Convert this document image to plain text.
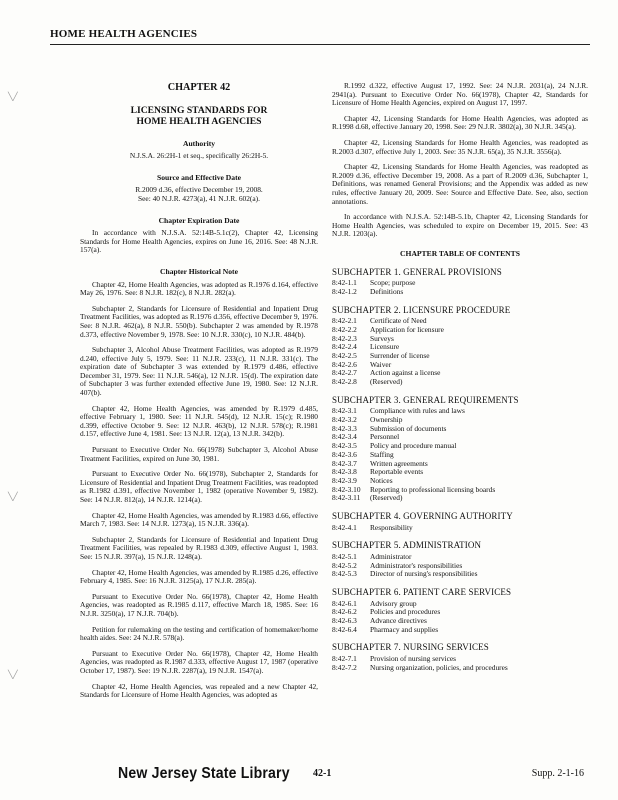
HOME HEALTH AGENCIES
╲╱
╲╱
╲╱
CHAPTER 42
LICENSING STANDARDS FOR
HOME HEALTH AGENCIES
Authority
N.J.S.A. 26:2H-1 et seq., specifically 26:2H-5.
Source and Effective Date
R.2009 d.36, effective December 19, 2008.
See: 40 N.J.R. 4273(a), 41 N.J.R. 602(a).
Chapter Expiration Date

In accordance with N.J.S.A. 52:14B-5.1c(2), Chapter 42, Licensing Standards for Home Health Agencies, expires on June 16, 2016. See: 48 N.J.R. 157(a).

Chapter Historical Note

Chapter 42, Home Health Agencies, was adopted as R.1976 d.164, effective May 26, 1976. See: 8 N.J.R. 182(c), 8 N.J.R. 282(a).

Subchapter 2, Standards for Licensure of Residential and Inpatient Drug Treatment Facilities, was adopted as R.1976 d.356, effective December 9, 1976. See: 8 N.J.R. 462(a), 8 N.J.R. 550(b). Subchapter 2 was amended by R.1978 d.373, effective November 9, 1978. See: 10 N.J.R. 330(c), 10 N.J.R. 484(b).

Subchapter 3, Alcohol Abuse Treatment Facilities, was adopted as R.1979 d.240, effective July 5, 1979. See: 11 N.J.R. 233(c), 11 N.J.R. 331(c). The expiration date of Subchapter 3 was extended by R.1979 d.486, effective December 31, 1979. See: 11 N.J.R. 546(a), 12 N.J.R. 15(d). The expiration date of Subchapter 3 was further extended effective June 19, 1980. See: 12 N.J.R. 407(b).

Chapter 42, Home Health Agencies, was amended by R.1979 d.485, effective February 1, 1980. See: 11 N.J.R. 545(d), 12 N.J.R. 15(c); R.1980 d.399, effective October 9. See: 12 N.J.R. 463(b), 12 N.J.R. 578(c); R.1981 d.157, effective June 4, 1981. See: 13 N.J.R. 12(a), 13 N.J.R. 342(b).

Pursuant to Executive Order No. 66(1978) Subchapter 3, Alcohol Abuse Treatment Facilities, expired on June 30, 1981.

Pursuant to Executive Order No. 66(1978), Subchapter 2, Standards for Licensure of Residential and Inpatient Drug Treatment Facilities, was readopted as R.1982 d.391, effective November 1, 1982 (operative November 9, 1982). See: 14 N.J.R. 812(a), 14 N.J.R. 1214(a).

Chapter 42, Home Health Agencies, was amended by R.1983 d.66, effective March 7, 1983. See: 14 N.J.R. 1273(a), 15 N.J.R. 336(a).

Subchapter 2, Standards for Licensure of Residential and Inpatient Drug Treatment Facilities, was repealed by R.1983 d.309, effective August 1, 1983. See: 15 N.J.R. 397(a), 15 N.J.R. 1248(a).

Chapter 42, Home Health Agencies, was amended by R.1985 d.26, effective February 4, 1985. See: 16 N.J.R. 3125(a), 17 N.J.R. 285(a).

Pursuant to Executive Order No. 66(1978), Chapter 42, Home Health Agencies, was readopted as R.1985 d.117, effective March 18, 1985. See: 16 N.J.R. 3250(a), 17 N.J.R. 704(b).

Petition for rulemaking on the testing and certification of homemaker/home health aides. See: 24 N.J.R. 578(a).

Pursuant to Executive Order No. 66(1978), Chapter 42, Home Health Agencies, was readopted as R.1987 d.333, effective August 17, 1987 (operative October 17, 1987). See: 19 N.J.R. 2287(a), 19 N.J.R. 1547(a).

Chapter 42, Home Health Agencies, was repealed and a new Chapter 42, Standards for Licensure of Home Health Agencies, was adopted as

R.1992 d.322, effective August 17, 1992. See: 24 N.J.R. 2031(a), 24 N.J.R. 2941(a). Pursuant to Executive Order No. 66(1978), Chapter 42, Standards for Licensure of Home Health Agencies, expired on August 17, 1997.

Chapter 42, Licensing Standards for Home Health Agencies, was adopted as R.1998 d.68, effective January 20, 1998. See: 29 N.J.R. 3802(a), 30 N.J.R. 345(a).

Chapter 42, Licensing Standards for Home Health Agencies, was readopted as R.2003 d.307, effective July 1, 2003. See: 35 N.J.R. 65(a), 35 N.J.R. 3556(a).

Chapter 42, Licensing Standards for Home Health Agencies, was readopted as R.2009 d.36, effective December 19, 2008. As a part of R.2009 d.36, Subchapter 1, Definitions, was renamed General Provisions; and the Appendix was added as new rules, effective January 20, 2009. See: Source and Effective Date. See, also, section annotations.

In accordance with N.J.S.A. 52:14B-5.1b, Chapter 42, Licensing Standards for Home Health Agencies, was scheduled to expire on December 19, 2015. See: 43 N.J.R. 1203(a).

CHAPTER TABLE OF CONTENTS
SUBCHAPTER 1. GENERAL PROVISIONS
8:42-1.1	Scope; purpose
8:42-1.2	Definitions
SUBCHAPTER 2. LICENSURE PROCEDURE
8:42-2.1	Certificate of Need
8:42-2.2	Application for licensure
8:42-2.3	Surveys
8:42-2.4	Licensure
8:42-2.5	Surrender of license
8:42-2.6	Waiver
8:42-2.7	Action against a license
8:42-2.8	(Reserved)
SUBCHAPTER 3. GENERAL REQUIREMENTS
8:42-3.1	Compliance with rules and laws
8:42-3.2	Ownership
8:42-3.3	Submission of documents
8:42-3.4	Personnel
8:42-3.5	Policy and procedure manual
8:42-3.6	Staffing
8:42-3.7	Written agreements
8:42-3.8	Reportable events
8:42-3.9	Notices
8:42-3.10	Reporting to professional licensing boards
8:42-3.11	(Reserved)
SUBCHAPTER 4. GOVERNING AUTHORITY
8:42-4.1	Responsibility
SUBCHAPTER 5. ADMINISTRATION
8:42-5.1	Administrator
8:42-5.2	Administrator's responsibilities
8:42-5.3	Director of nursing's responsibilities
SUBCHAPTER 6. PATIENT CARE SERVICES
8:42-6.1	Advisory group
8:42-6.2	Policies and procedures
8:42-6.3	Advance directives
8:42-6.4	Pharmacy and supplies
SUBCHAPTER 7. NURSING SERVICES
8:42-7.1	Provision of nursing services
8:42-7.2	Nursing organization, policies, and procedures
New Jersey State Library 42-1	Supp. 2-1-16
